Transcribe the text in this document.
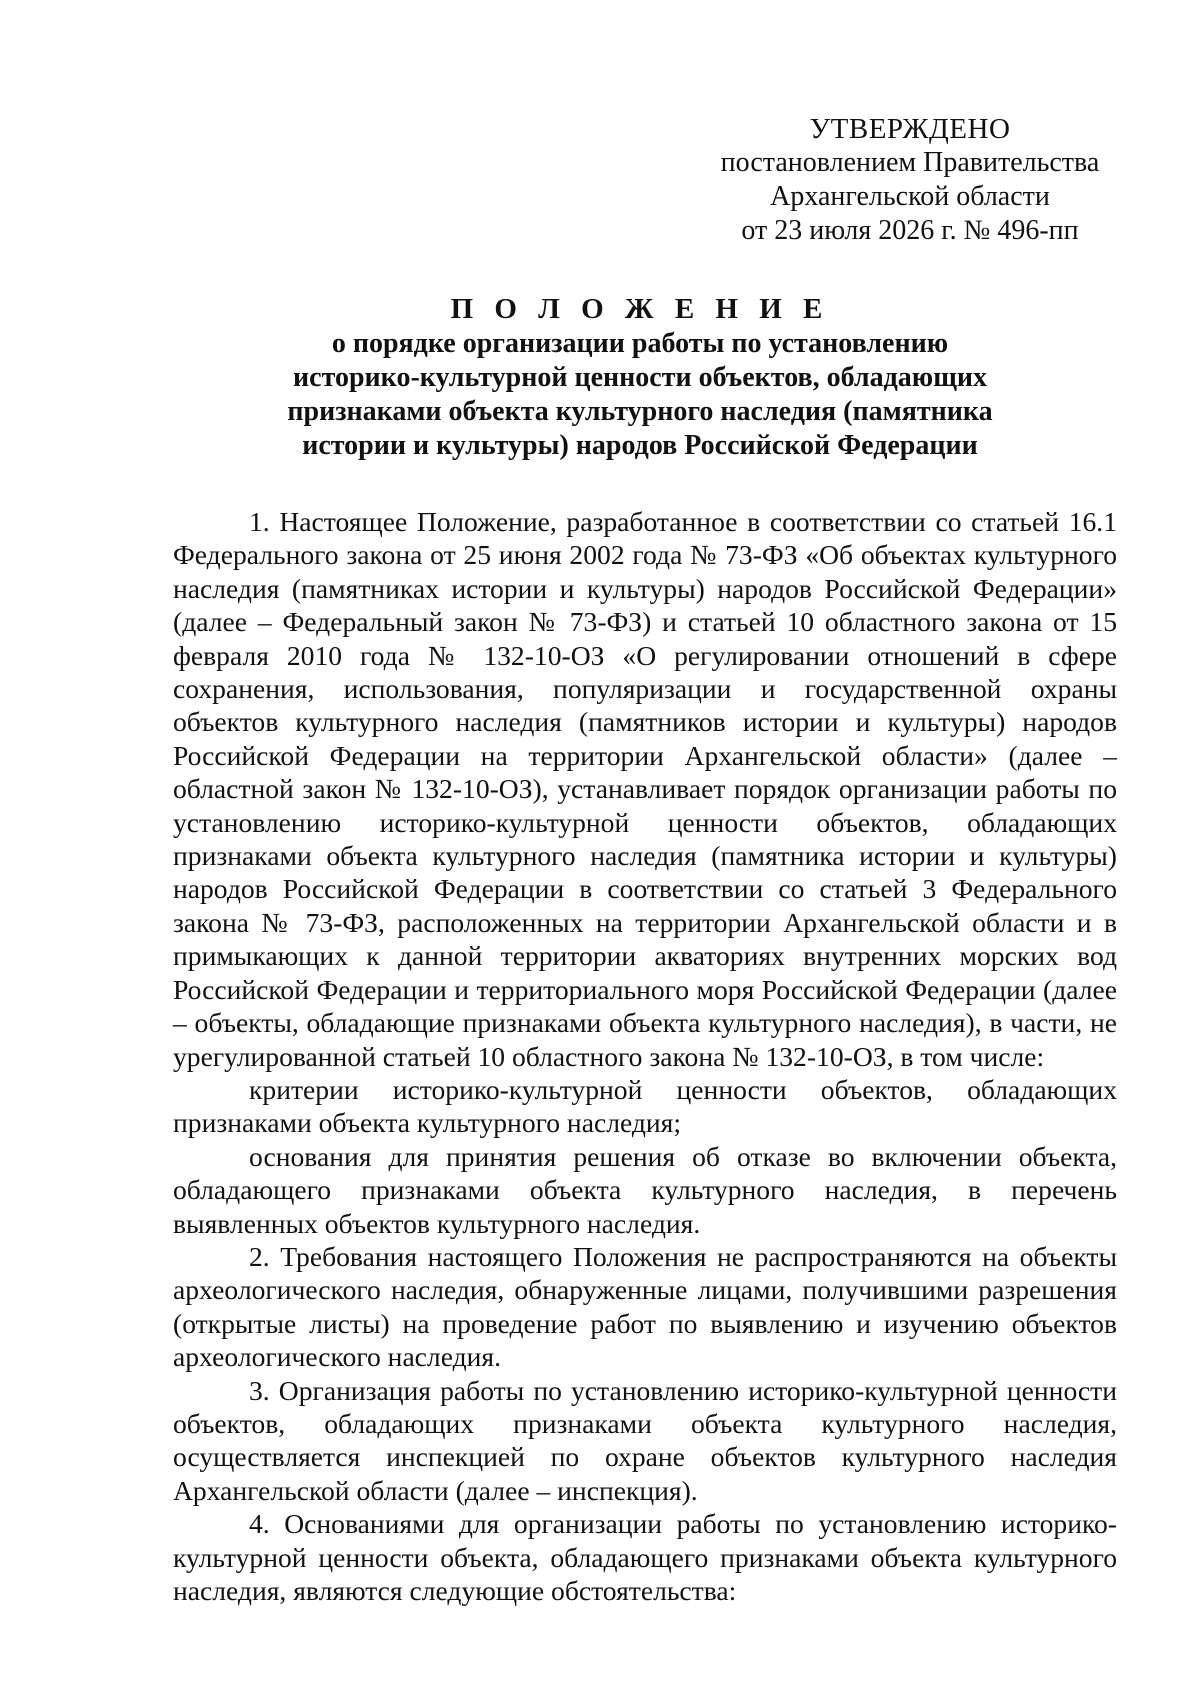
УТВЕРЖДЕНО
постановлением Правительства
Архангельской области
от 23 июля 2026 г. № 496-пп
П О Л О Ж Е Н И Е
о порядке организации работы по установлению
историко-культурной ценности объектов, обладающих
признаками объекта культурного наследия (памятника
истории и культуры) народов Российской Федерации

1. Настоящее Положение, разработанное в соответствии со статьей 16.1 Федерального закона от 25 июня 2002 года № 73-ФЗ «Об объектах культурного наследия (памятниках истории и культуры) народов Российской Федерации» (далее – Федеральный закон № 73-ФЗ) и статьей 10 областного закона от 15 февраля 2010 года № 132-10-ОЗ «О регулировании отношений в сфере сохранения, использования, популяризации и государственной охраны объектов культурного наследия (памятников истории и культуры) народов Российской Федерации на территории Архангельской области» (далее – областной закон № 132-10-ОЗ), устанавливает порядок организации работы по установлению историко-культурной ценности объектов, обладающих признаками объекта культурного наследия (памятника истории и культуры) народов Российской Федерации в соответствии со статьей 3 Федерального закона № 73-ФЗ, расположенных на территории Архангельской области и в примыкающих к данной территории акваториях внутренних морских вод Российской Федерации и территориального моря Российской Федерации (далее – объекты, обладающие признаками объекта культурного наследия), в части, не урегулированной статьей 10 областного закона № 132-10-ОЗ, в том числе:

критерии историко-культурной ценности объектов, обладающих признаками объекта культурного наследия;

основания для принятия решения об отказе во включении объекта, обладающего признаками объекта культурного наследия, в перечень выявленных объектов культурного наследия.

2. Требования настоящего Положения не распространяются на объекты археологического наследия, обнаруженные лицами, получившими разрешения (открытые листы) на проведение работ по выявлению и изучению объектов археологического наследия.

3. Организация работы по установлению историко-культурной ценности объектов, обладающих признаками объекта культурного наследия, осуществляется инспекцией по охране объектов культурного наследия Архангельской области (далее – инспекция).

4. Основаниями для организации работы по установлению историко-культурной ценности объекта, обладающего признаками объекта культурного наследия, являются следующие обстоятельства:
